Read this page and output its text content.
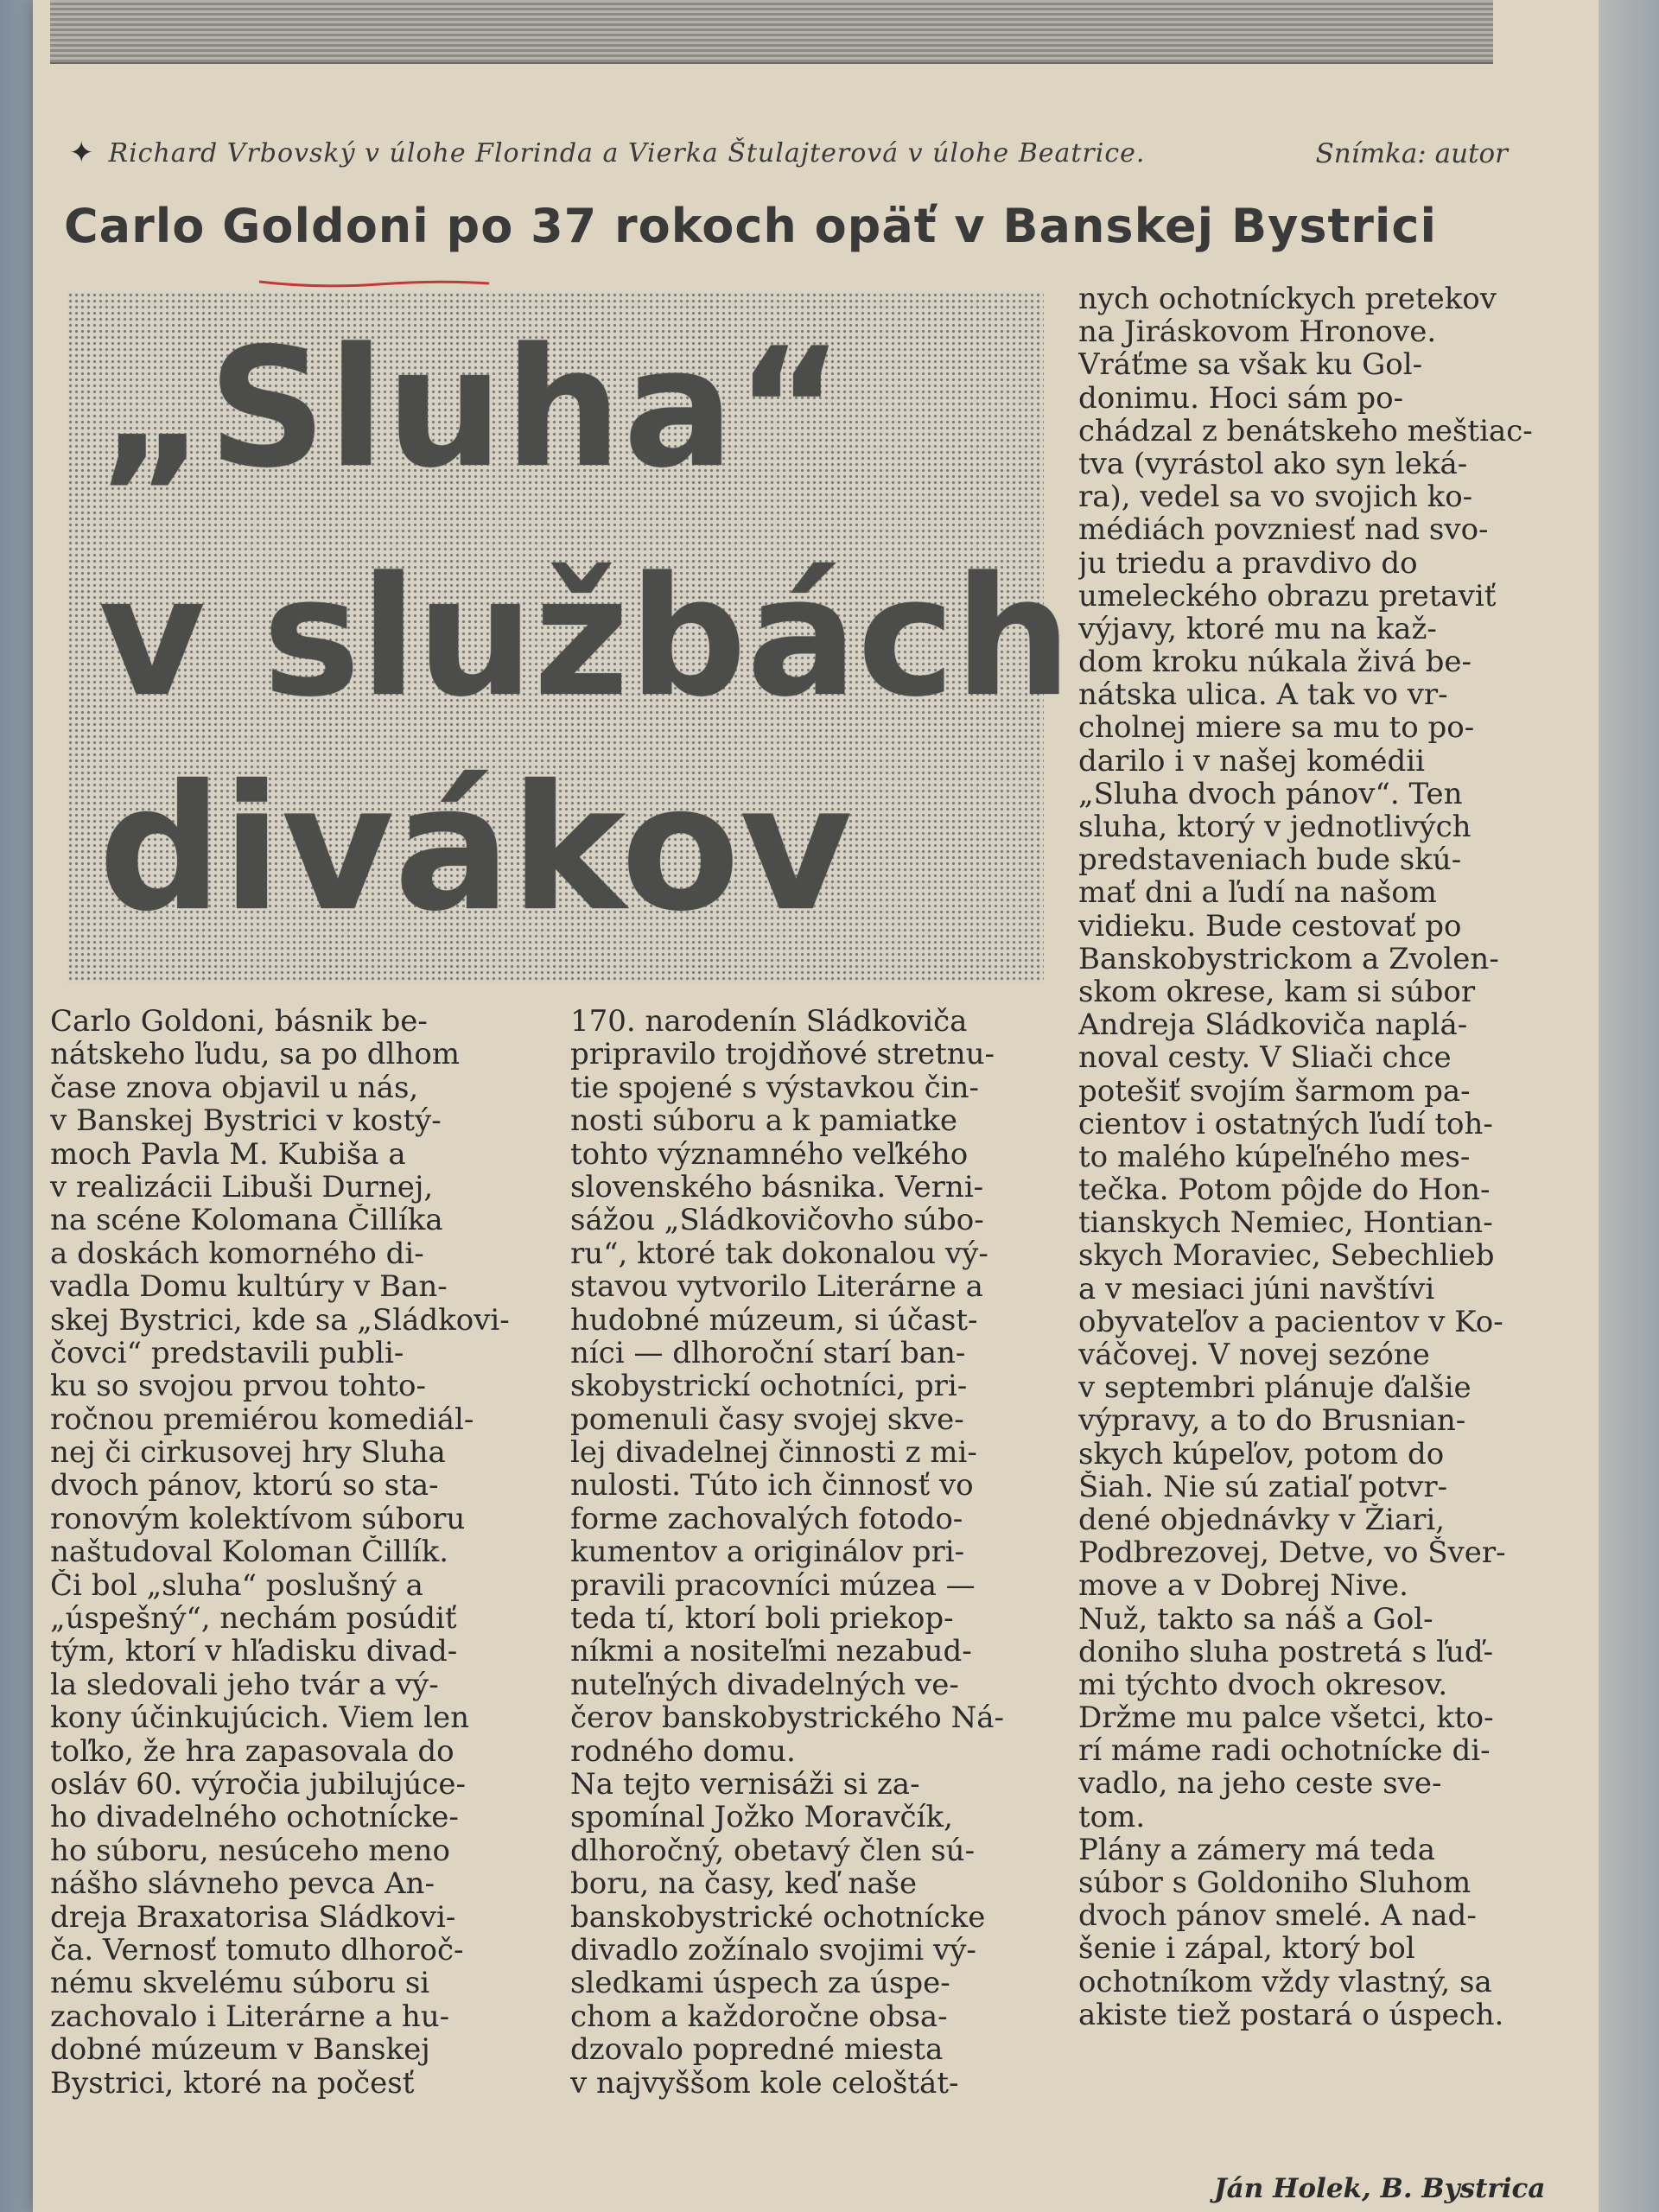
✦ Richard Vrbovský v úlohe Florinda a Vierka Štulajterová v úlohe Beatrice.	Snímka: autor
Carlo Goldoni po 37 rokoch opäť v Banskej Bystrici
„Sluha“
v službách
divákov
Carlo Goldoni, básnik be-
nátskeho ľudu, sa po dlhom
čase znova objavil u nás,
v Banskej Bystrici v kostý-
moch Pavla M. Kubiša a
v realizácii Libuši Durnej,
na scéne Kolomana Čillíka
a doskách komorného di-
vadla Domu kultúry v Ban-
skej Bystrici, kde sa „Sládkovi-
čovci“ predstavili publi-
ku so svojou prvou tohto-
ročnou premiérou komediál-
nej či cirkusovej hry Sluha
dvoch pánov, ktorú so sta-
ronovým kolektívom súboru
naštudoval Koloman Čillík.
Či bol „sluha“ poslušný a
„úspešný“, nechám posúdiť
tým, ktorí v hľadisku divad-
la sledovali jeho tvár a vý-
kony účinkujúcich. Viem len
toľko, že hra zapasovala do
osláv 60. výročia jubilujúce-
ho divadelného ochotnícke-
ho súboru, nesúceho meno
nášho slávneho pevca An-
dreja Braxatorisa Sládkovi-
ča. Vernosť tomuto dlhoroč-
nému skvelému súboru si
zachovalo i Literárne a hu-
dobné múzeum v Banskej
Bystrici, ktoré na počesť
170. narodenín Sládkoviča
pripravilo trojdňové stretnu-
tie spojené s výstavkou čin-
nosti súboru a k pamiatke
tohto významného veľkého
slovenského básnika. Verni-
sážou „Sládkovičovho súbo-
ru“, ktoré tak dokonalou vý-
stavou vytvorilo Literárne a
hudobné múzeum, si účast-
níci — dlhoroční starí ban-
skobystrickí ochotníci, pri-
pomenuli časy svojej skve-
lej divadelnej činnosti z mi-
nulosti. Túto ich činnosť vo
forme zachovalých fotodo-
kumentov a originálov pri-
pravili pracovníci múzea —
teda tí, ktorí boli priekop-
níkmi a nositeľmi nezabud-
nuteľných divadelných ve-
čerov banskobystrického Ná-
rodného domu.
Na tejto vernisáži si za-
spomínal Jožko Moravčík,
dlhoročný, obetavý člen sú-
boru, na časy, keď naše
banskobystrické ochotnícke
divadlo zožínalo svojimi vý-
sledkami úspech za úspe-
chom a každoročne obsa-
dzovalo popredné miesta
v najvyššom kole celoštát-
nych ochotníckych pretekov
na Jiráskovom Hronove.
Vráťme sa však ku Gol-
donimu. Hoci sám po-
chádzal z benátskeho meštiac-
tva (vyrástol ako syn leká-
ra), vedel sa vo svojich ko-
médiách povzniesť nad svo-
ju triedu a pravdivo do
umeleckého obrazu pretaviť
výjavy, ktoré mu na kaž-
dom kroku núkala živá be-
nátska ulica. A tak vo vr-
cholnej miere sa mu to po-
darilo i v našej komédii
„Sluha dvoch pánov“. Ten
sluha, ktorý v jednotlivých
predstaveniach bude skú-
mať dni a ľudí na našom
vidieku. Bude cestovať po
Banskobystrickom a Zvolen-
skom okrese, kam si súbor
Andreja Sládkoviča naplá-
noval cesty. V Sliači chce
potešiť svojím šarmom pa-
cientov i ostatných ľudí toh-
to malého kúpeľného mes-
tečka. Potom pôjde do Hon-
tianskych Nemiec, Hontian-
skych Moraviec, Sebechlieb
a v mesiaci júni navštívi
obyvateľov a pacientov v Ko-
váčovej. V novej sezóne
v septembri plánuje ďalšie
výpravy, a to do Brusnian-
skych kúpeľov, potom do
Šiah. Nie sú zatiaľ potvr-
dené objednávky v Žiari,
Podbrezovej, Detve, vo Šver-
move a v Dobrej Nive.
Nuž, takto sa náš a Gol-
doniho sluha postretá s ľuď-
mi týchto dvoch okresov.
Držme mu palce všetci, kto-
rí máme radi ochotnícke di-
vadlo, na jeho ceste sve-
tom.
Plány a zámery má teda
súbor s Goldoniho Sluhom
dvoch pánov smelé. A nad-
šenie i zápal, ktorý bol
ochotníkom vždy vlastný, sa
akiste tiež postará o úspech.
Ján Holek, B. Bystrica
